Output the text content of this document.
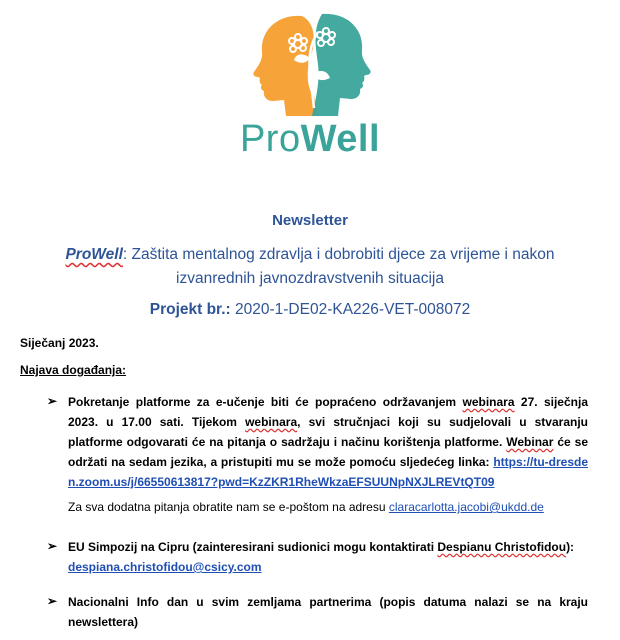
ProWell
Newsletter
ProWell: Zaštita mentalnog zdravlja i dobrobiti djece za vrijeme i nakon
izvanrednih javnozdravstvenih situacija
Projekt br.: 2020-1-DE02-KA226-VET-008072
Siječanj 2023.
Najava događanja:
➢ Pokretanje platforme za e-učenje biti će popraćeno održavanjem webinara 27. siječnja 2023. u 17.00 sati. Tijekom webinara, svi stručnjaci koji su sudjelovali u stvaranju platforme odgovarati će na pitanja o sadržaju i načinu korištenja platforme. Webinar će se održati na sedam jezika, a pristupiti mu se može pomoću sljedećeg linka: https://tu-dresden.zoom.us/j/66550613817?pwd=KzZKR1RheWkzaEFSUUNpNXJLREVtQT09
Za sva dodatna pitanja obratite nam se e-poštom na adresu claracarlotta.jacobi@ukdd.de
➢ EU Simpozij na Cipru (zainteresirani sudionici mogu kontaktirati Despianu Christofidou):
despiana.christofidou@csicy.com
➢ Nacionalni Info dan u svim zemljama partnerima (popis datuma nalazi se na kraju newslettera)
